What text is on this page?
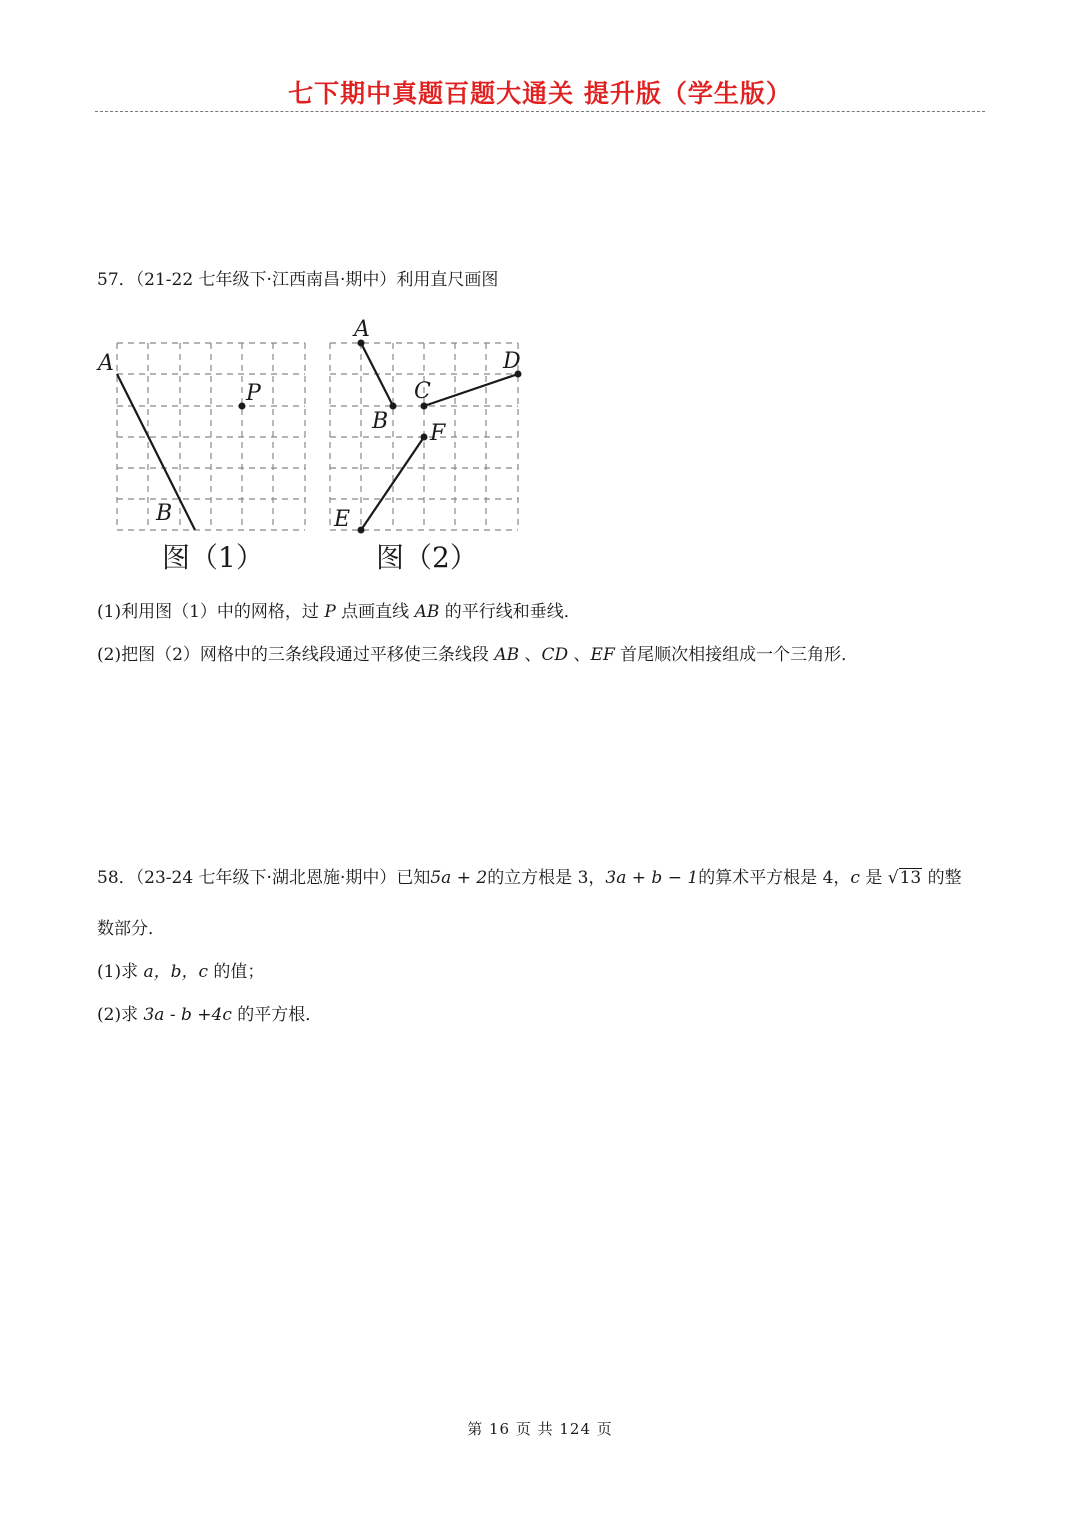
七下期中真题百题大通关 提升版（学生版）
57．（21-22 七年级下·江西南昌·期中）利用直尺画图
A
P
B
图（1）
A
B
C
D
E
F
图（2）
(1)利用图（1）中的网格，过 P 点画直线 AB 的平行线和垂线．
(2)把图（2）网格中的三条线段通过平移使三条线段 AB 、CD 、EF 首尾顺次相接组成一个三角形．
58．（23-24 七年级下·湖北恩施·期中）已知5a + 2的立方根是 3，3a + b − 1的算术平方根是 4，c 是 √13 的整
数部分．
(1)求 a，b，c 的值；
(2)求 3a - b +4c 的平方根．
第 16 页 共 124 页
